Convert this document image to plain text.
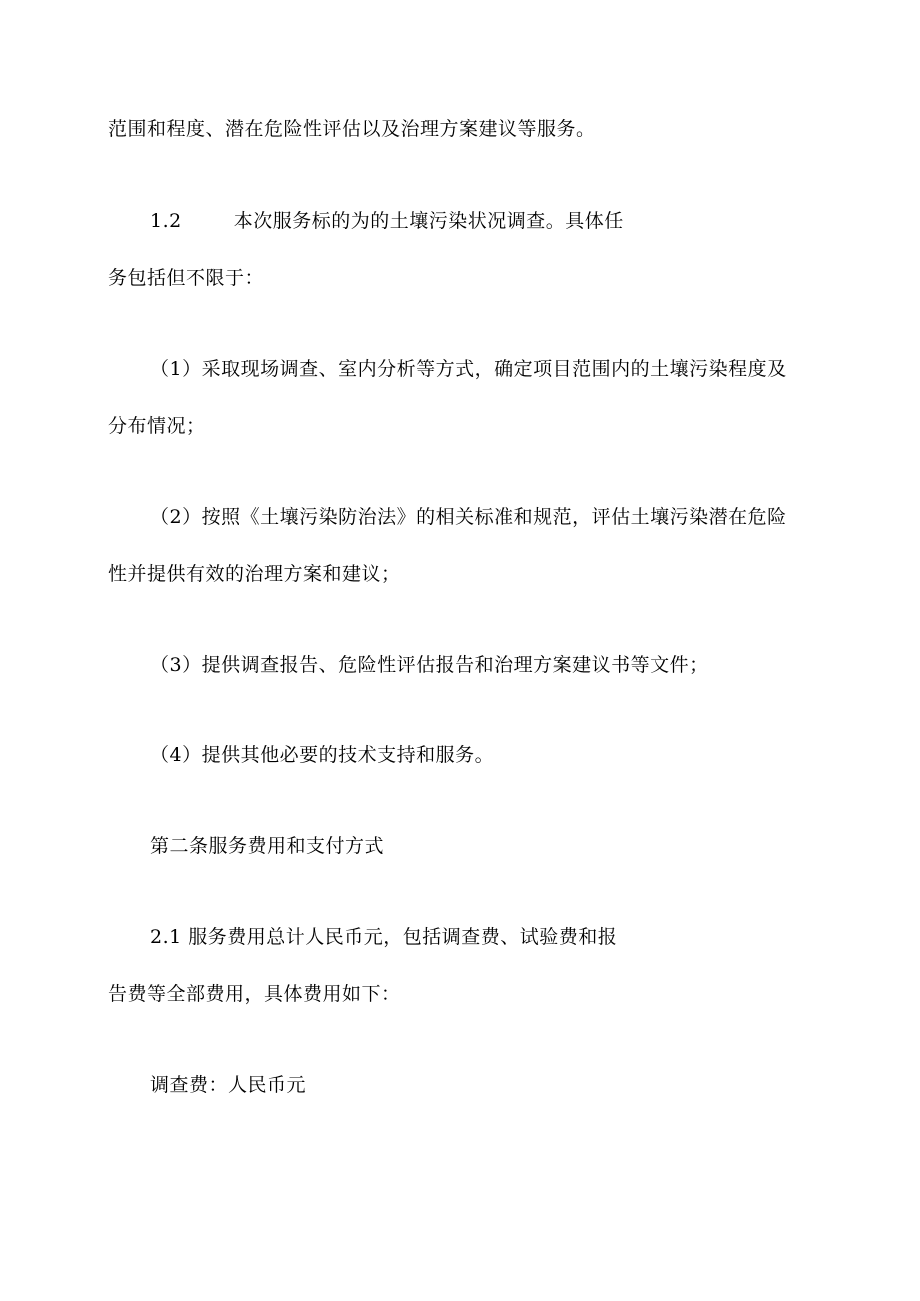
范围和程度、潜在危险性评估以及治理方案建议等服务。
1.2	本次服务标的为的土壤污染状况调查。具体任
务包括但不限于：
（1）采取现场调查、室内分析等方式，确定项目范围内的土壤污染程度及
分布情况；
（2）按照《土壤污染防治法》的相关标准和规范，评估土壤污染潜在危险
性并提供有效的治理方案和建议；
（3）提供调查报告、危险性评估报告和治理方案建议书等文件；
（4）提供其他必要的技术支持和服务。
第二条服务费用和支付方式
2.1 服务费用总计人民币元，包括调查费、试验费和报
告费等全部费用，具体费用如下：
调查费：人民币元
